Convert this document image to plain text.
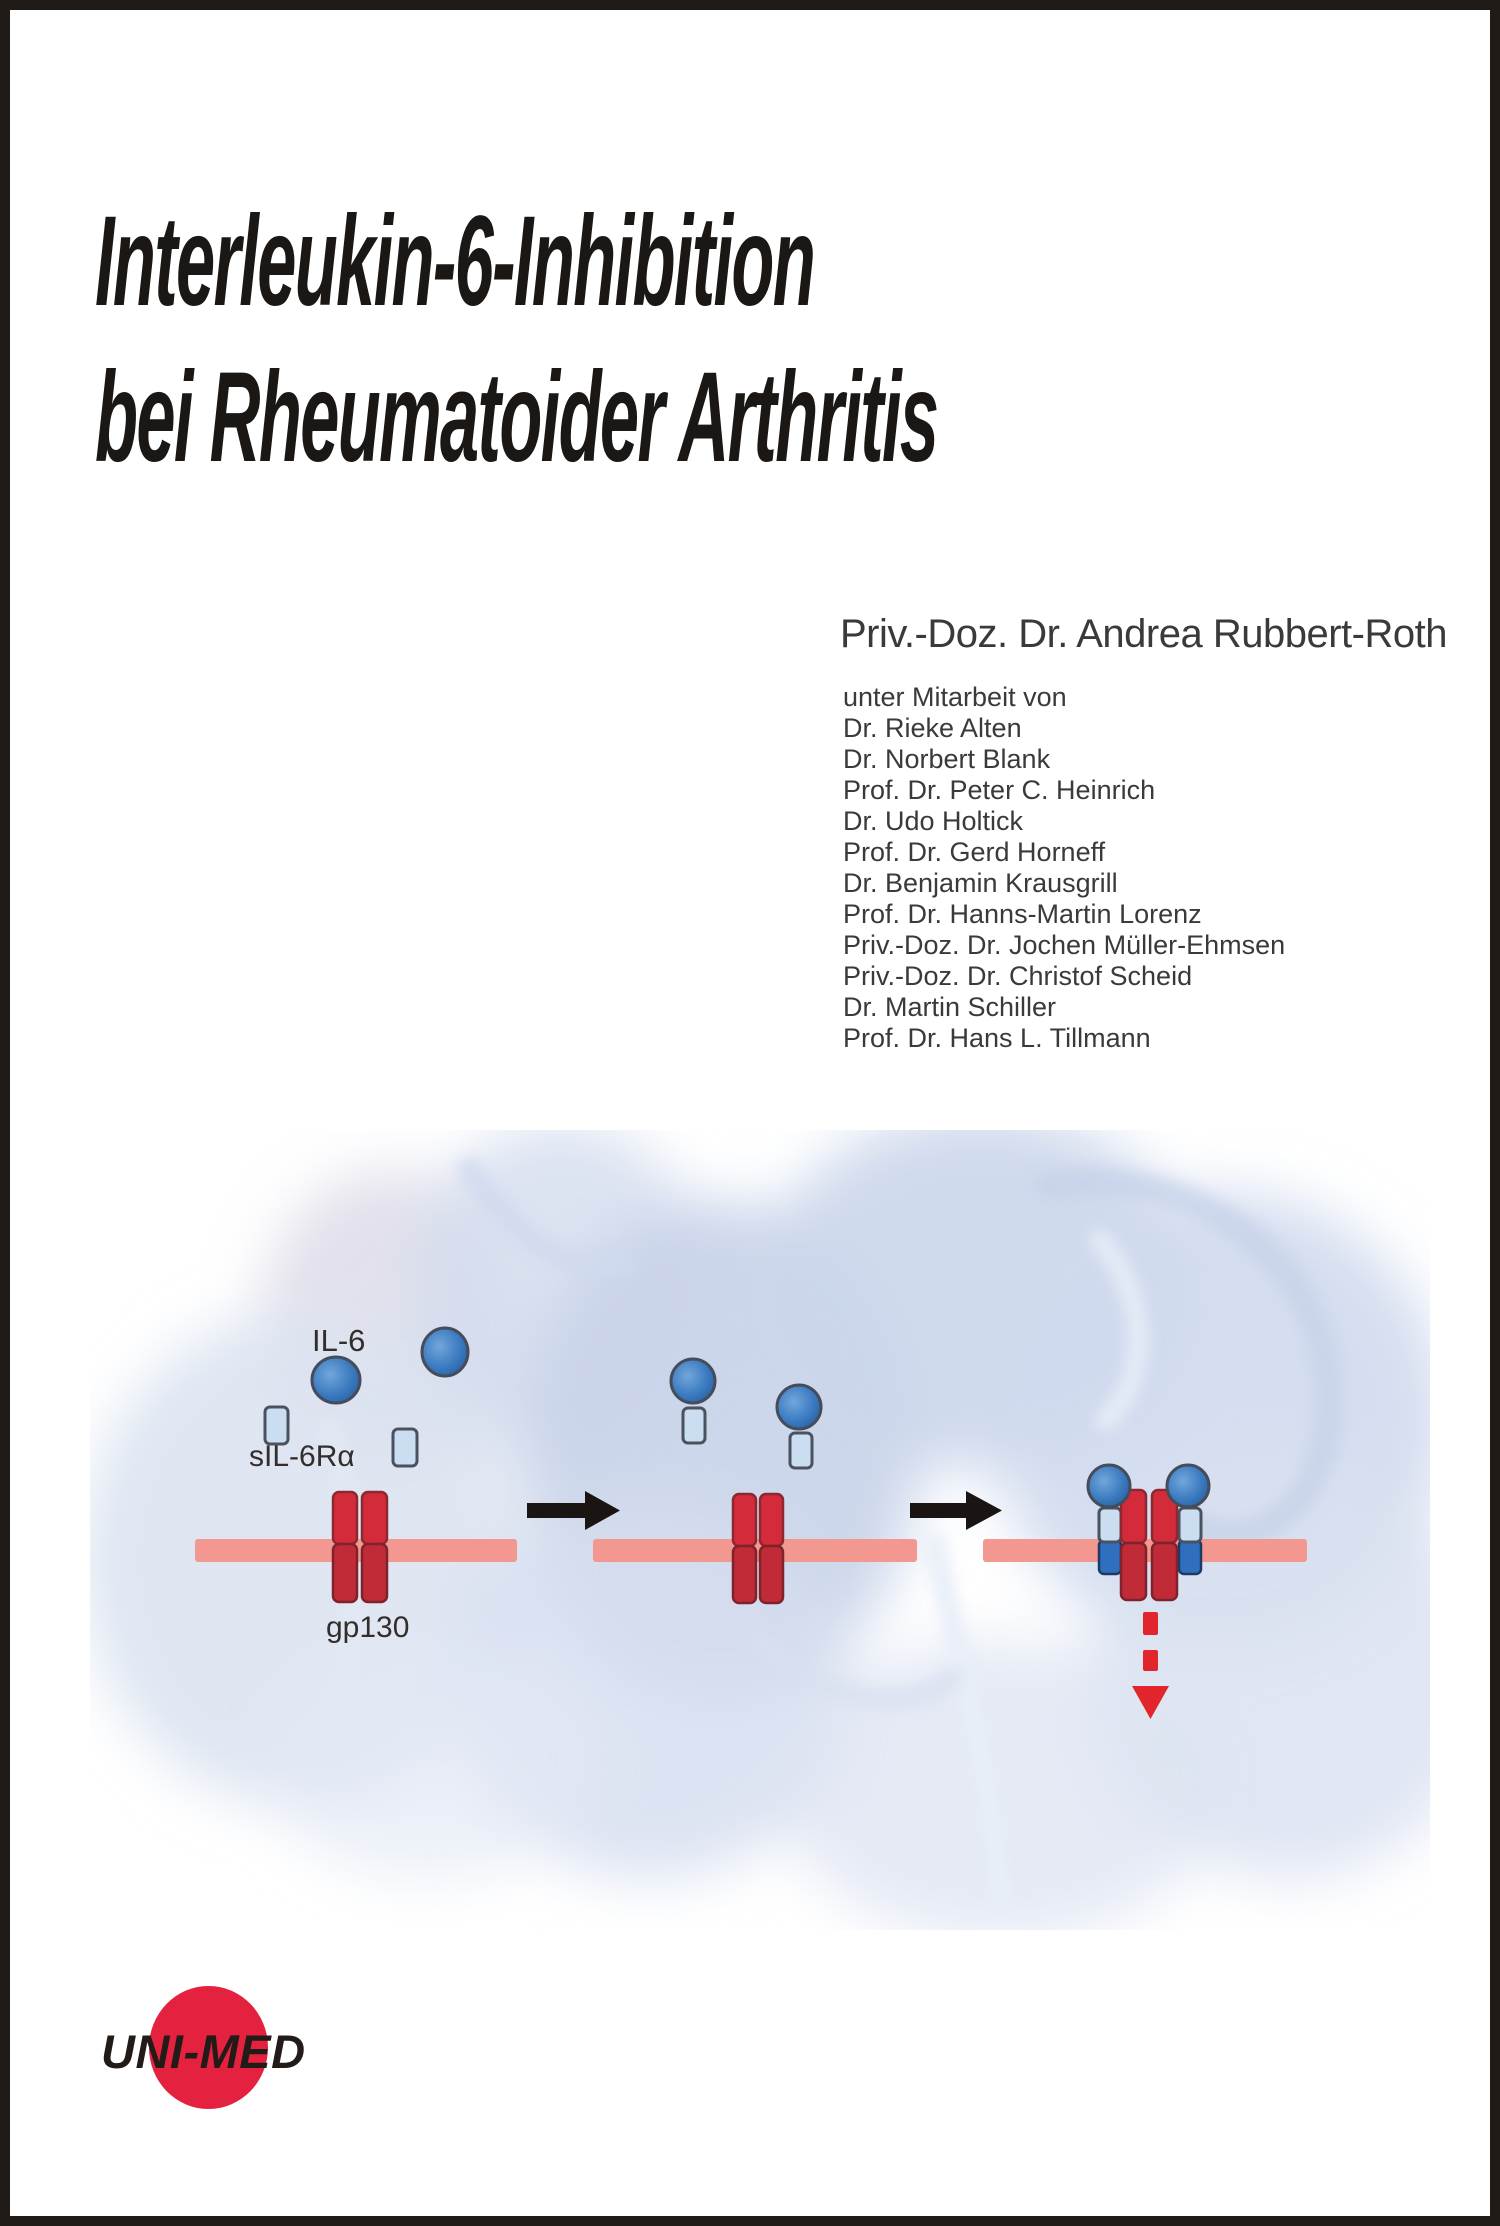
Interleukin-6-Inhibition
bei Rheumatoider Arthritis
Priv.-Doz. Dr. Andrea Rubbert-Roth
unter Mitarbeit von
Dr. Rieke Alten
Dr. Norbert Blank
Prof. Dr. Peter C. Heinrich
Dr. Udo Holtick
Prof. Dr. Gerd Horneff
Dr. Benjamin Krausgrill
Prof. Dr. Hanns-Martin Lorenz
Priv.-Doz. Dr. Jochen Müller-Ehmsen
Priv.-Doz. Dr. Christof Scheid
Dr. Martin Schiller
Prof. Dr. Hans L. Tillmann
IL-6
sIL-6Rα
gp130
UNI-MED
